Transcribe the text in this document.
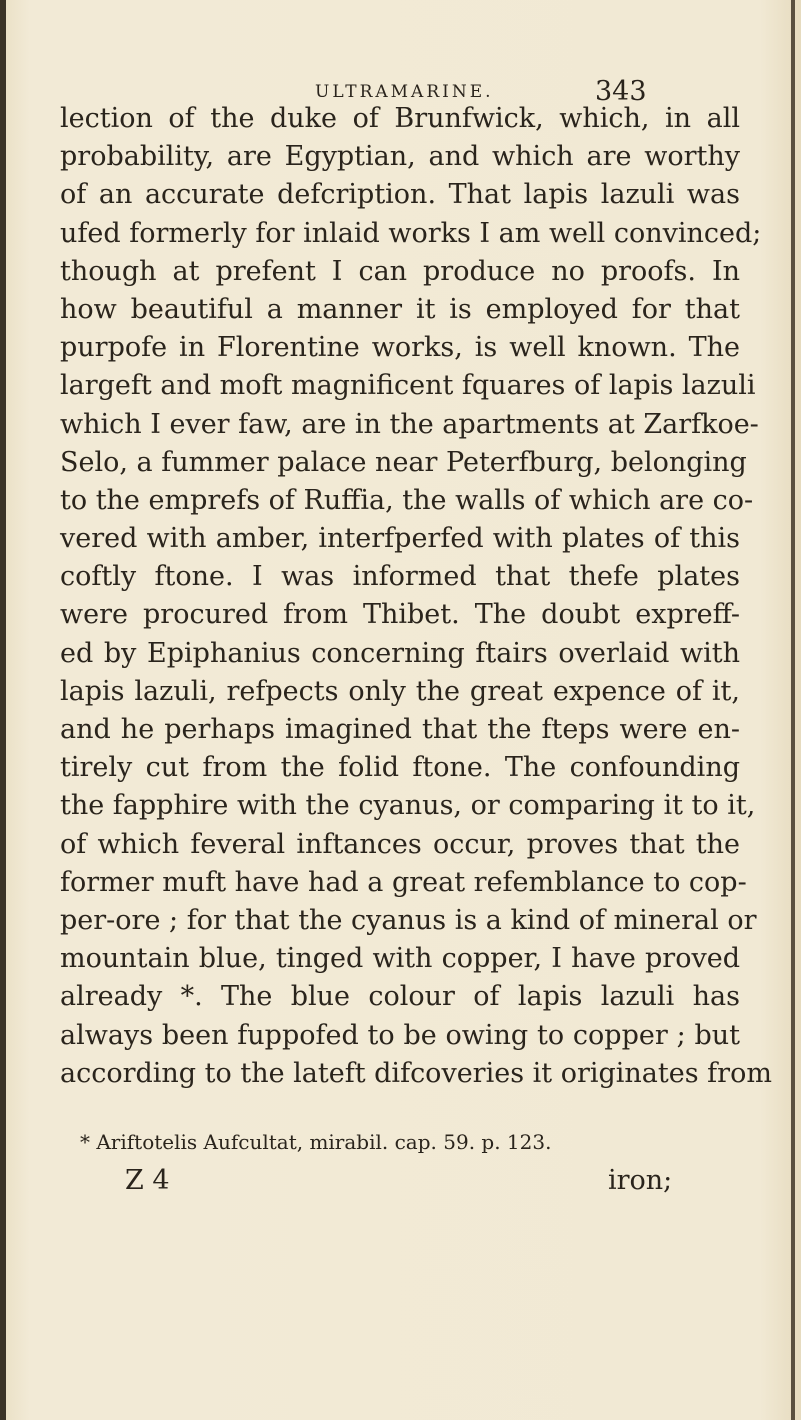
ULTRAMARINE.	343
lection of the duke of Brunfwick, which, in all
probability, are Egyptian, and which are worthy
of an accurate defcription. That lapis lazuli was
ufed formerly for inlaid works I am well convinced;
though at prefent I can produce no proofs. In
how beautiful a manner it is employed for that
purpofe in Florentine works, is well known. The
largeft and moft magnificent fquares of lapis lazuli
which I ever faw, are in the apartments at Zarfkoe-
Selo, a fummer palace near Peterfburg, belonging
to the emprefs of Ruffia, the walls of which are co-
vered with amber, interfperfed with plates of this
coftly ftone. I was informed that thefe plates
were procured from Thibet. The doubt expreff-
ed by Epiphanius concerning ftairs overlaid with
lapis lazuli, refpects only the great expence of it,
and he perhaps imagined that the fteps were en-
tirely cut from the folid ftone. The confounding
the fapphire with the cyanus, or comparing it to it,
of which feveral inftances occur, proves that the
former muft have had a great refemblance to cop-
per-ore ; for that the cyanus is a kind of mineral or
mountain blue, tinged with copper, I have proved
already *. The blue colour of lapis lazuli has
always been fuppofed to be owing to copper ; but
according to the lateft difcoveries it originates from
* Ariftotelis Aufcultat, mirabil. cap. 59. p. 123.
Z 4	iron;
